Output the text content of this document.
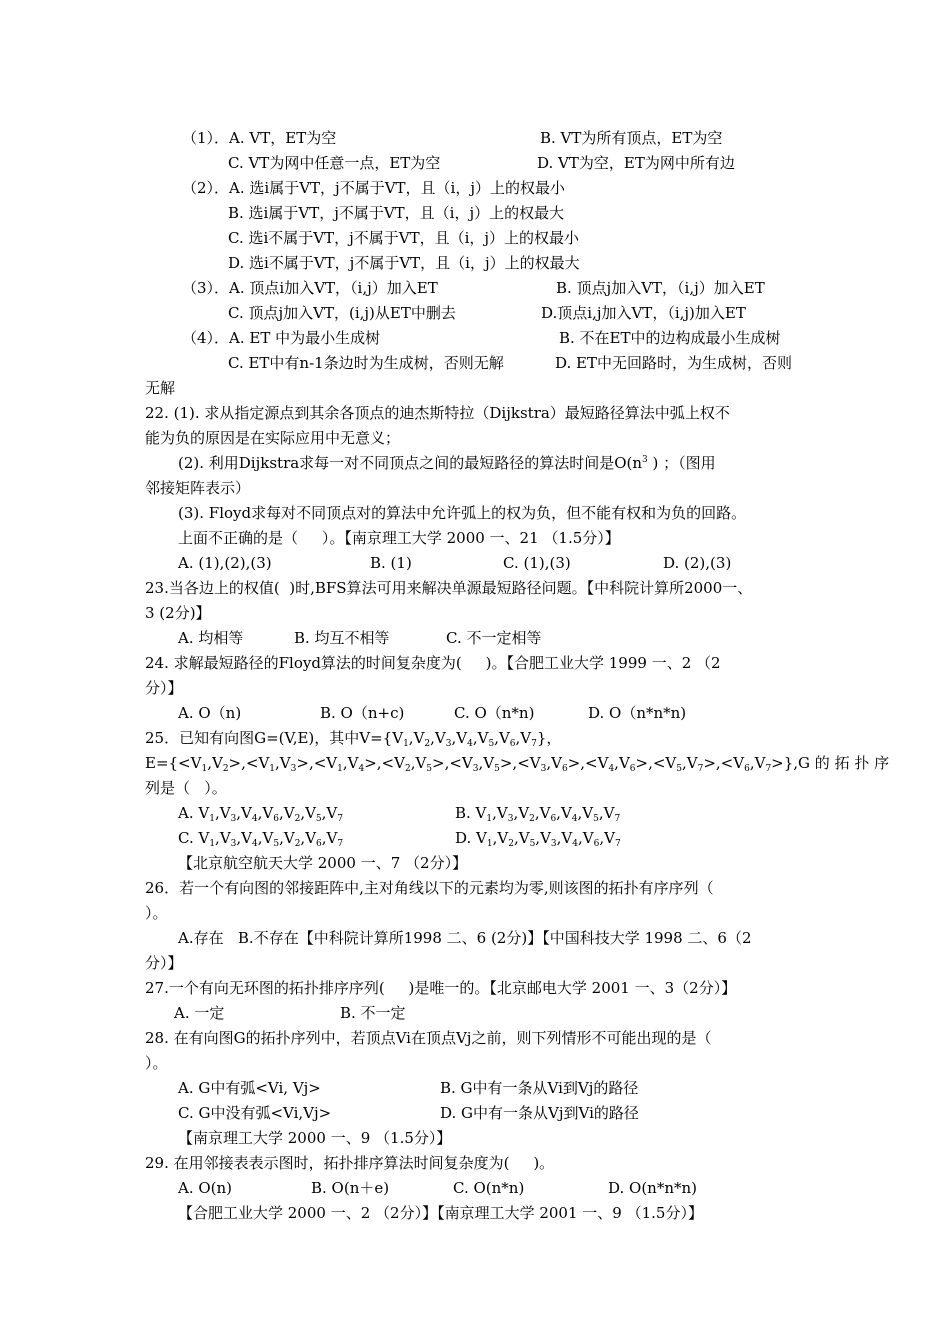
（1）．A. VT，ET为空	B. VT为所有顶点，ET为空
C. VT为网中任意一点，ET为空	D. VT为空，ET为网中所有边
（2）．A. 选i属于VT，j不属于VT，且（i，j）上的权最小
B. 选i属于VT，j不属于VT，且（i，j）上的权最大
C. 选i不属于VT，j不属于VT，且（i，j）上的权最小
D. 选i不属于VT，j不属于VT，且（i，j）上的权最大
（3）．A. 顶点i加入VT，（i,j）加入ET	B. 顶点j加入VT，（i,j）加入ET
C. 顶点j加入VT，(i,j)从ET中删去	D.顶点i,j加入VT，（i,j)加入ET
（4）．A. ET 中为最小生成树	B. 不在ET中的边构成最小生成树
C. ET中有n-1条边时为生成树，否则无解	D. ET中无回路时，为生成树，否则
无解
22. (1). 求从指定源点到其余各顶点的迪杰斯特拉（Dijkstra）最短路径算法中弧上权不
能为负的原因是在实际应用中无意义；
(2). 利用Dijkstra求每一对不同顶点之间的最短路径的算法时间是$O(n^3$ ) ；（图用
邻接矩阵表示）
(3). Floyd求每对不同顶点对的算法中允许弧上的权为负，但不能有权和为负的回路。
上面不正确的是（     ）。【南京理工大学 2000 一、21 （1.5分）】
A. (1),(2),(3)	B. (1)	C. (1),(3)	D. (2),(3)
23.当各边上的权值(  )时,BFS算法可用来解决单源最短路径问题。【中科院计算所2000一、
3 (2分)】
A. 均相等	B. 均互不相等	C. 不一定相等
24. 求解最短路径的Floyd算法的时间复杂度为(     )。【合肥工业大学 1999 一、2 （2
分）】
A. O（n)	B. O（n+c)	C. O（n*n)	D. O（n*n*n)
25．已知有向图G=(V,E)，其中$V=\{V_1,V_2,V_3,V_4,V_5,V_6,V_7\}$，
$E=\{<V_1,V_2>,<V_1,V_3>,<V_1,V_4>,<V_2,V_5>,<V_3,V_5>,<V_3,V_6>,<V_4,V_6>,<V_5,V_7>,<V_6,V_7>\},G$ 的 拓 扑 序
列是（   ）。
A. $V_1,V_3,V_4,V_6,V_2,V_5,V_7$	B. $V_1,V_3,V_2,V_6,V_4,V_5,V_7$
C. $V_1,V_3,V_4,V_5,V_2,V_6,V_7$	D. $V_1,V_2,V_5,V_3,V_4,V_6,V_7$
【北京航空航天大学 2000 一、7 （2分）】
26．若一个有向图的邻接距阵中,主对角线以下的元素均为零,则该图的拓扑有序序列（
）。
A.存在   B.不存在【中科院计算所1998 二、6 (2分)】【中国科技大学 1998 二、6（2
分）】
27.一个有向无环图的拓扑排序序列(     )是唯一的。【北京邮电大学 2001 一、3（2分）】
A. 一定	B. 不一定
28. 在有向图G的拓扑序列中，若顶点Vi在顶点Vj之前，则下列情形不可能出现的是（
）。
A. G中有弧<Vi, Vj>	B. G中有一条从Vi到Vj的路径
C. G中没有弧<Vi,Vj>	D. G中有一条从Vj到Vi的路径
【南京理工大学 2000 一、9 （1.5分）】
29. 在用邻接表表示图时，拓扑排序算法时间复杂度为(     )。
A. O(n)	B. O(n＋e)	C. O(n*n)	D. O(n*n*n)
【合肥工业大学 2000 一、2 （2分）】【南京理工大学 2001 一、9 （1.5分）】
